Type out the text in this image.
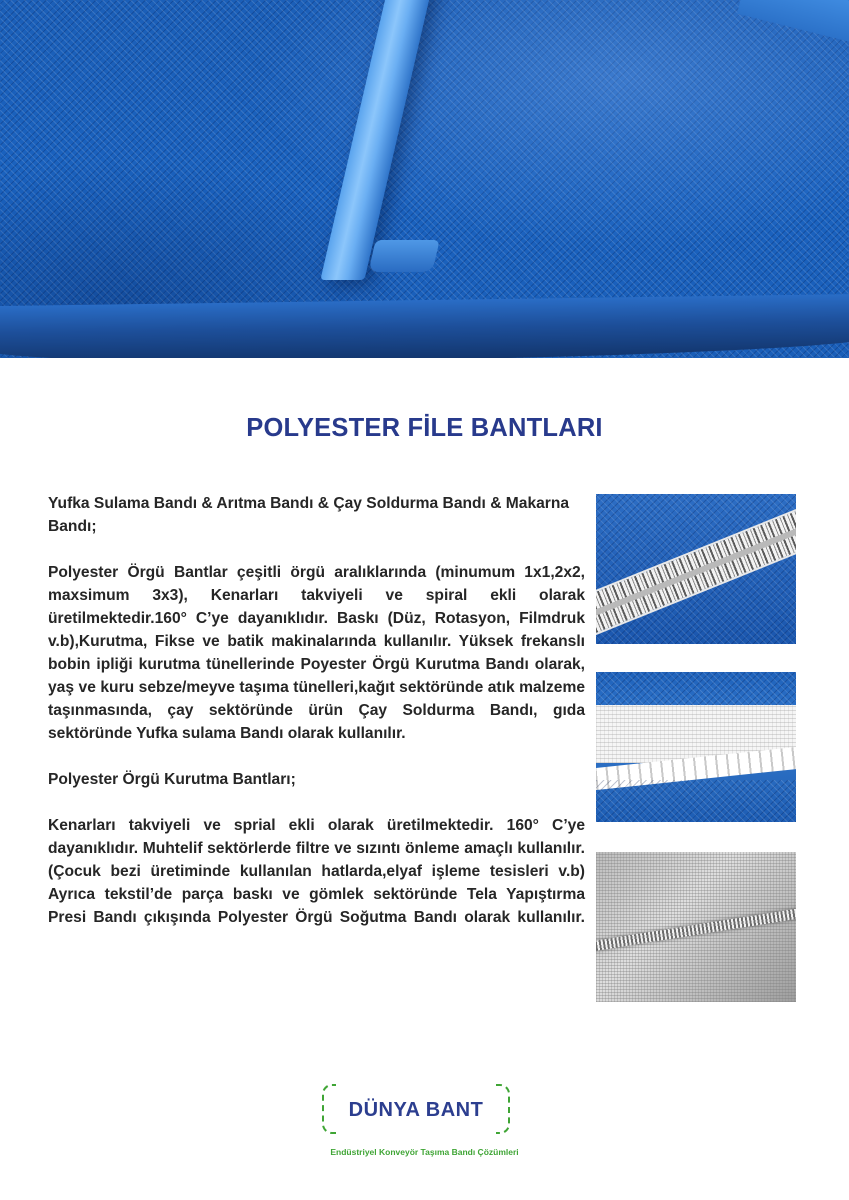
POLYESTER FİLE BANTLARI

Yufka Sulama Bandı & Arıtma Bandı & Çay Soldurma Bandı & Makarna Bandı;

Polyester Örgü Bantlar çeşitli örgü aralıklarında (minumum 1x1,2x2, maxsimum 3x3), Kenarları takviyeli ve spiral ekli olarak üretilmektedir.160° C’ye dayanıklıdır. Baskı (Düz, Rotasyon, Filmdruk v.b),Kurutma, Fikse ve batik makinalarında kullanılır. Yüksek frekanslı bobin ipliği kurutma tünellerinde Poyester Örgü Kurutma Bandı olarak, yaş ve kuru sebze/meyve taşıma tünelleri,kağıt sektöründe atık malzeme taşınmasında, çay sektöründe ürün Çay Soldurma Bandı, gıda sektöründe Yufka sulama Bandı olarak kullanılır.

Polyester Örgü Kurutma Bantları;

Kenarları takviyeli ve sprial ekli olarak üretilmektedir. 160° C’ye dayanıklıdır. Muhtelif sektörlerde filtre ve sızıntı önleme amaçlı kullanılır. (Çocuk bezi üretiminde kullanılan hatlarda,elyaf işleme tesisleri v.b) Ayrıca tekstil’de parça baskı ve gömlek sektöründe Tela Yapıştırma Presi Bandı çıkışında Polyester Örgü Soğutma Bandı olarak kullanılır.

DÜNYA BANT
Endüstriyel Konveyör Taşıma Bandı Çözümleri
